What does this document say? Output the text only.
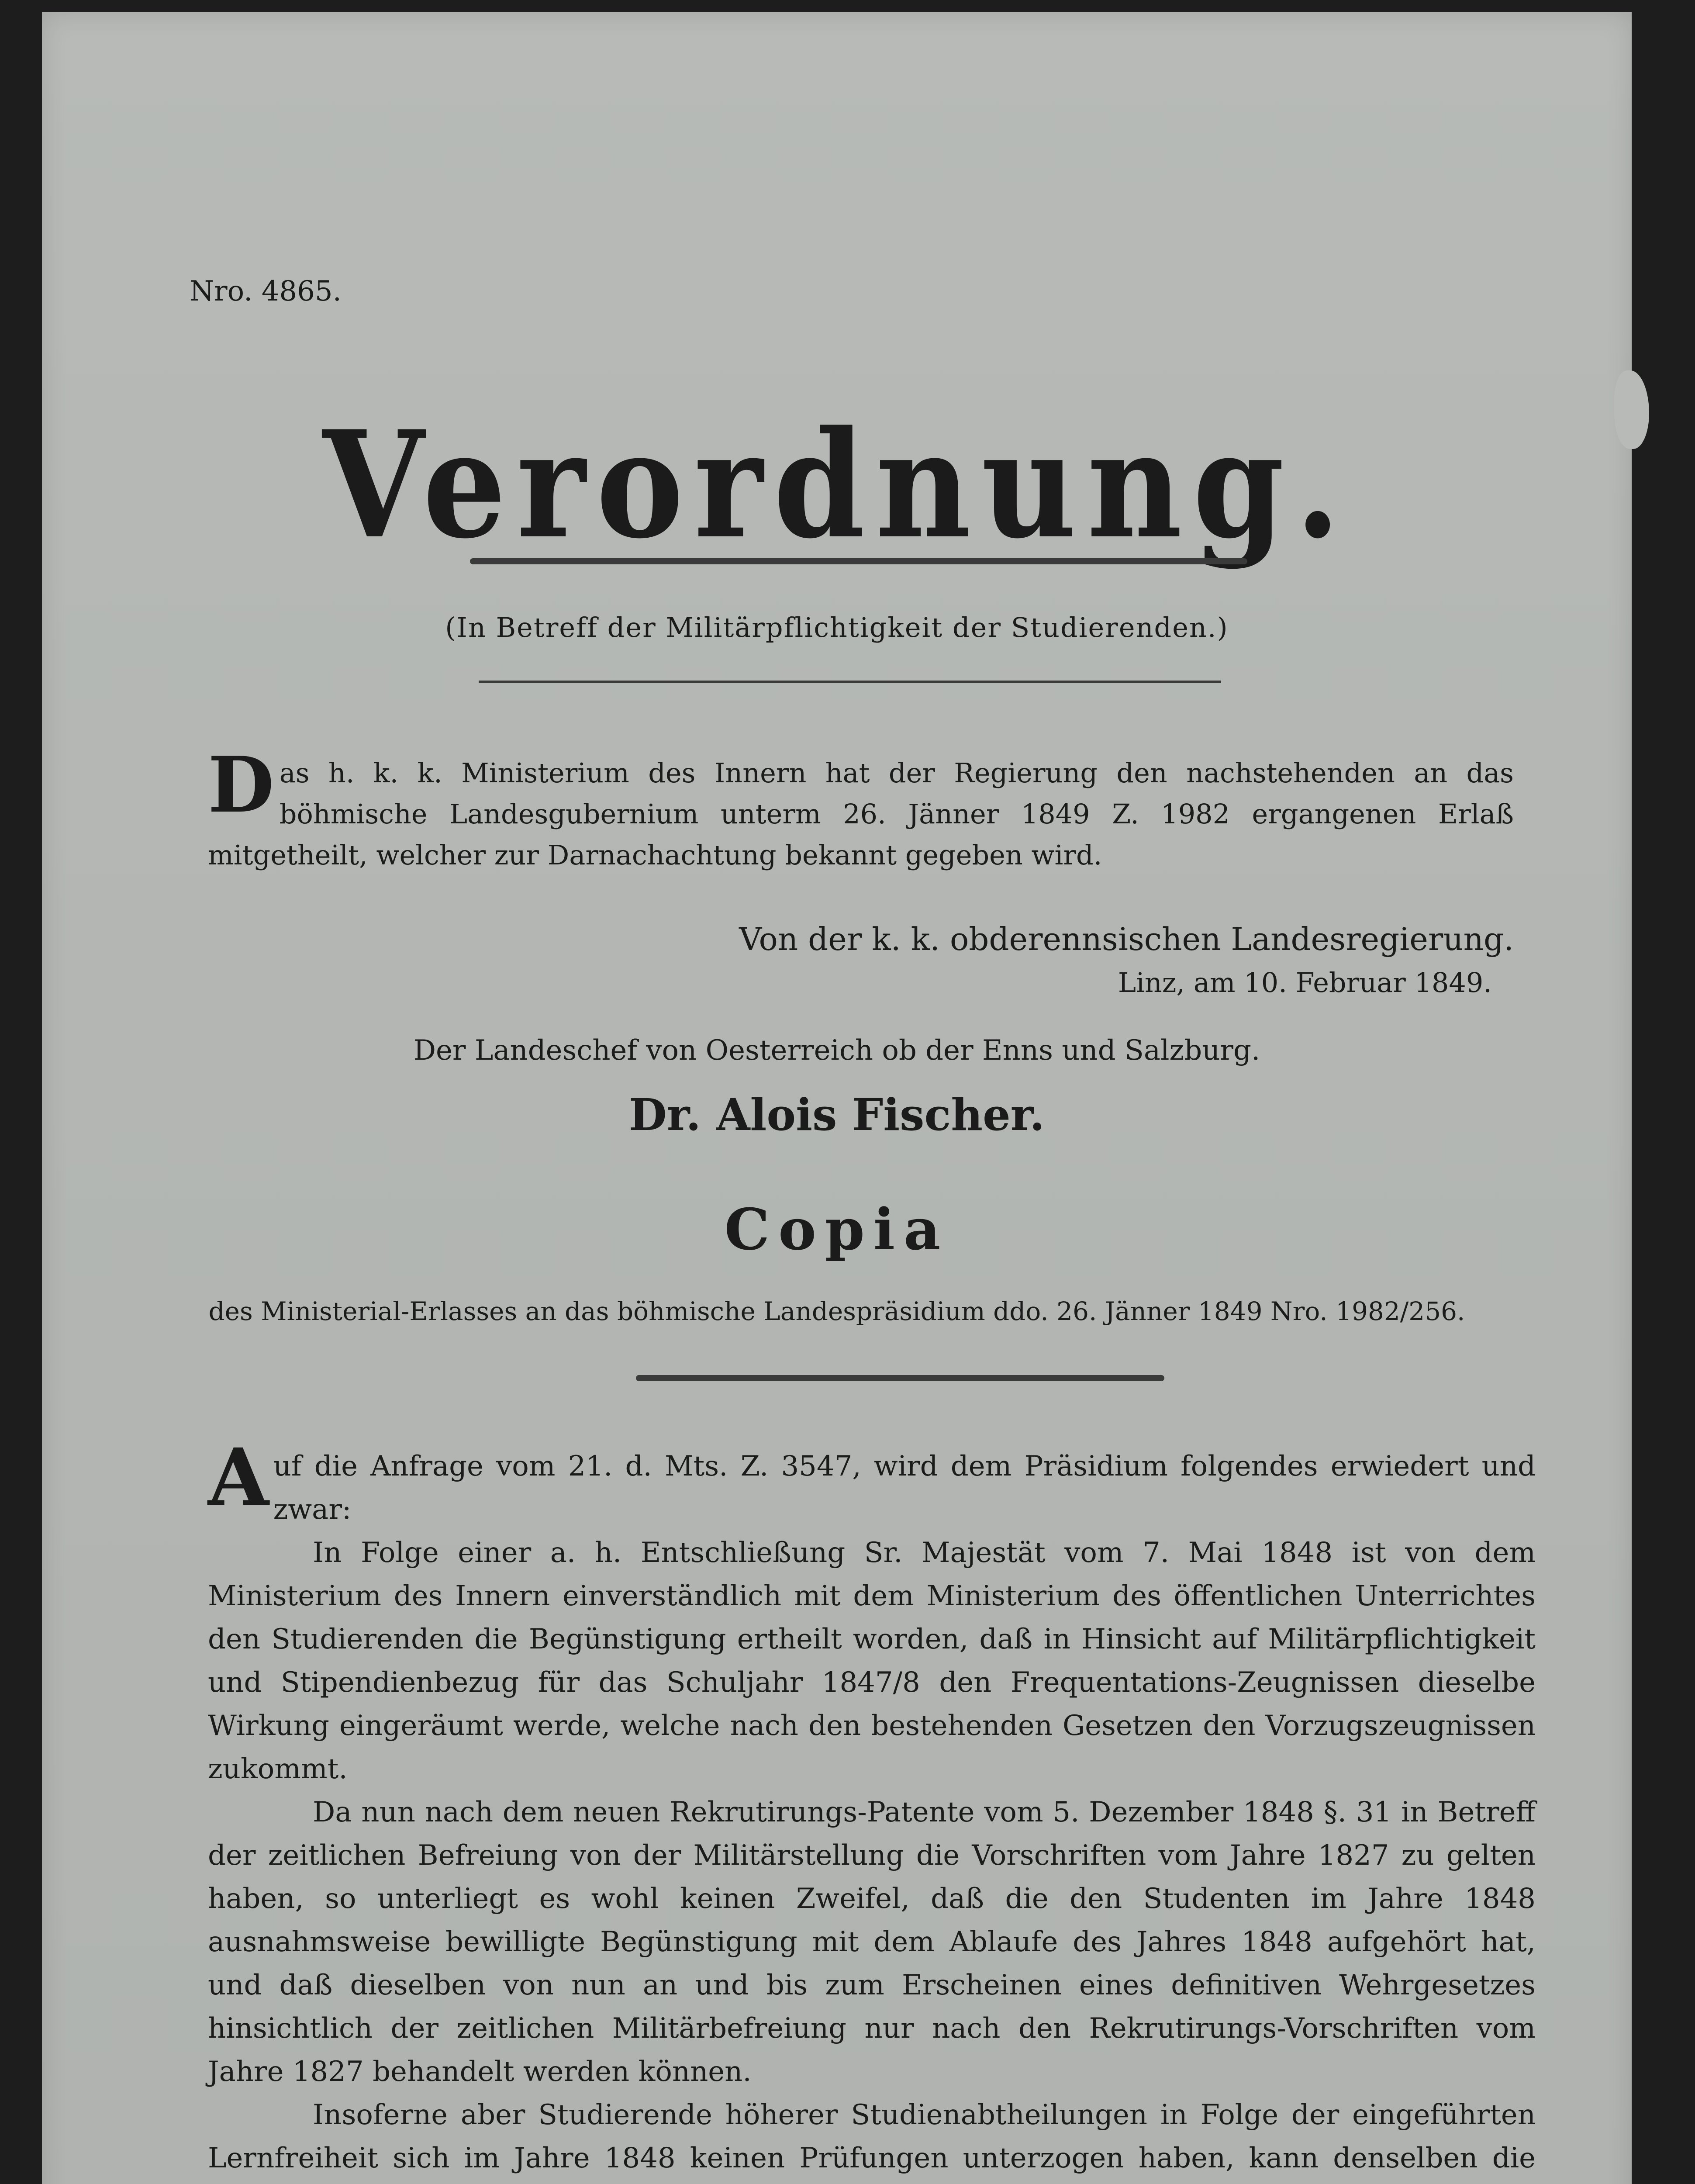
Nro. 4865.
Verordnung.
(In Betreff der Militärpflichtigkeit der Studierenden.)
Das h. k. k. Ministerium des Innern hat der Regierung den nachstehenden an das böhmische Landesgubernium unterm 26. Jänner 1849 Z. 1982 ergangenen Erlaß mitgetheilt, welcher zur Darnachachtung bekannt gegeben wird.
Von der k. k. obderennsischen Landesregierung.
Linz, am 10. Februar 1849.
Der Landeschef von Oesterreich ob der Enns und Salzburg.
Dr. Alois Fischer.
Copia
des Ministerial-Erlasses an das böhmische Landespräsidium ddo. 26. Jänner 1849 Nro. 1982/256.

Auf die Anfrage vom 21. d. Mts. Z. 3547, wird dem Präsidium folgendes erwiedert und zwar:

In Folge einer a. h. Entschließung Sr. Majestät vom 7. Mai 1848 ist von dem Ministerium des Innern einverständlich mit dem Ministerium des öffentlichen Unterrichtes den Studierenden die Begünstigung ertheilt worden, daß in Hinsicht auf Militärpflichtigkeit und Stipendienbezug für das Schuljahr 1847/8 den Frequentations-Zeugnissen dieselbe Wirkung eingeräumt werde, welche nach den bestehenden Gesetzen den Vorzugszeugnissen zukommt.

Da nun nach dem neuen Rekrutirungs-Patente vom 5. Dezember 1848 §. 31 in Betreff der zeitlichen Befreiung von der Militärstellung die Vorschriften vom Jahre 1827 zu gelten haben, so unterliegt es wohl keinen Zweifel, daß die den Studenten im Jahre 1848 ausnahmsweise bewilligte Begünstigung mit dem Ablaufe des Jahres 1848 aufgehört hat, und daß dieselben von nun an und bis zum Erscheinen eines definitiven Wehrgesetzes hinsichtlich der zeitlichen Militärbefreiung nur nach den Rekrutirungs-Vorschriften vom Jahre 1827 behandelt werden können.

Insoferne aber Studierende höherer Studienabtheilungen in Folge der eingeführten Lernfreiheit sich im Jahre 1848 keinen Prüfungen unterzogen haben, kann denselben die
